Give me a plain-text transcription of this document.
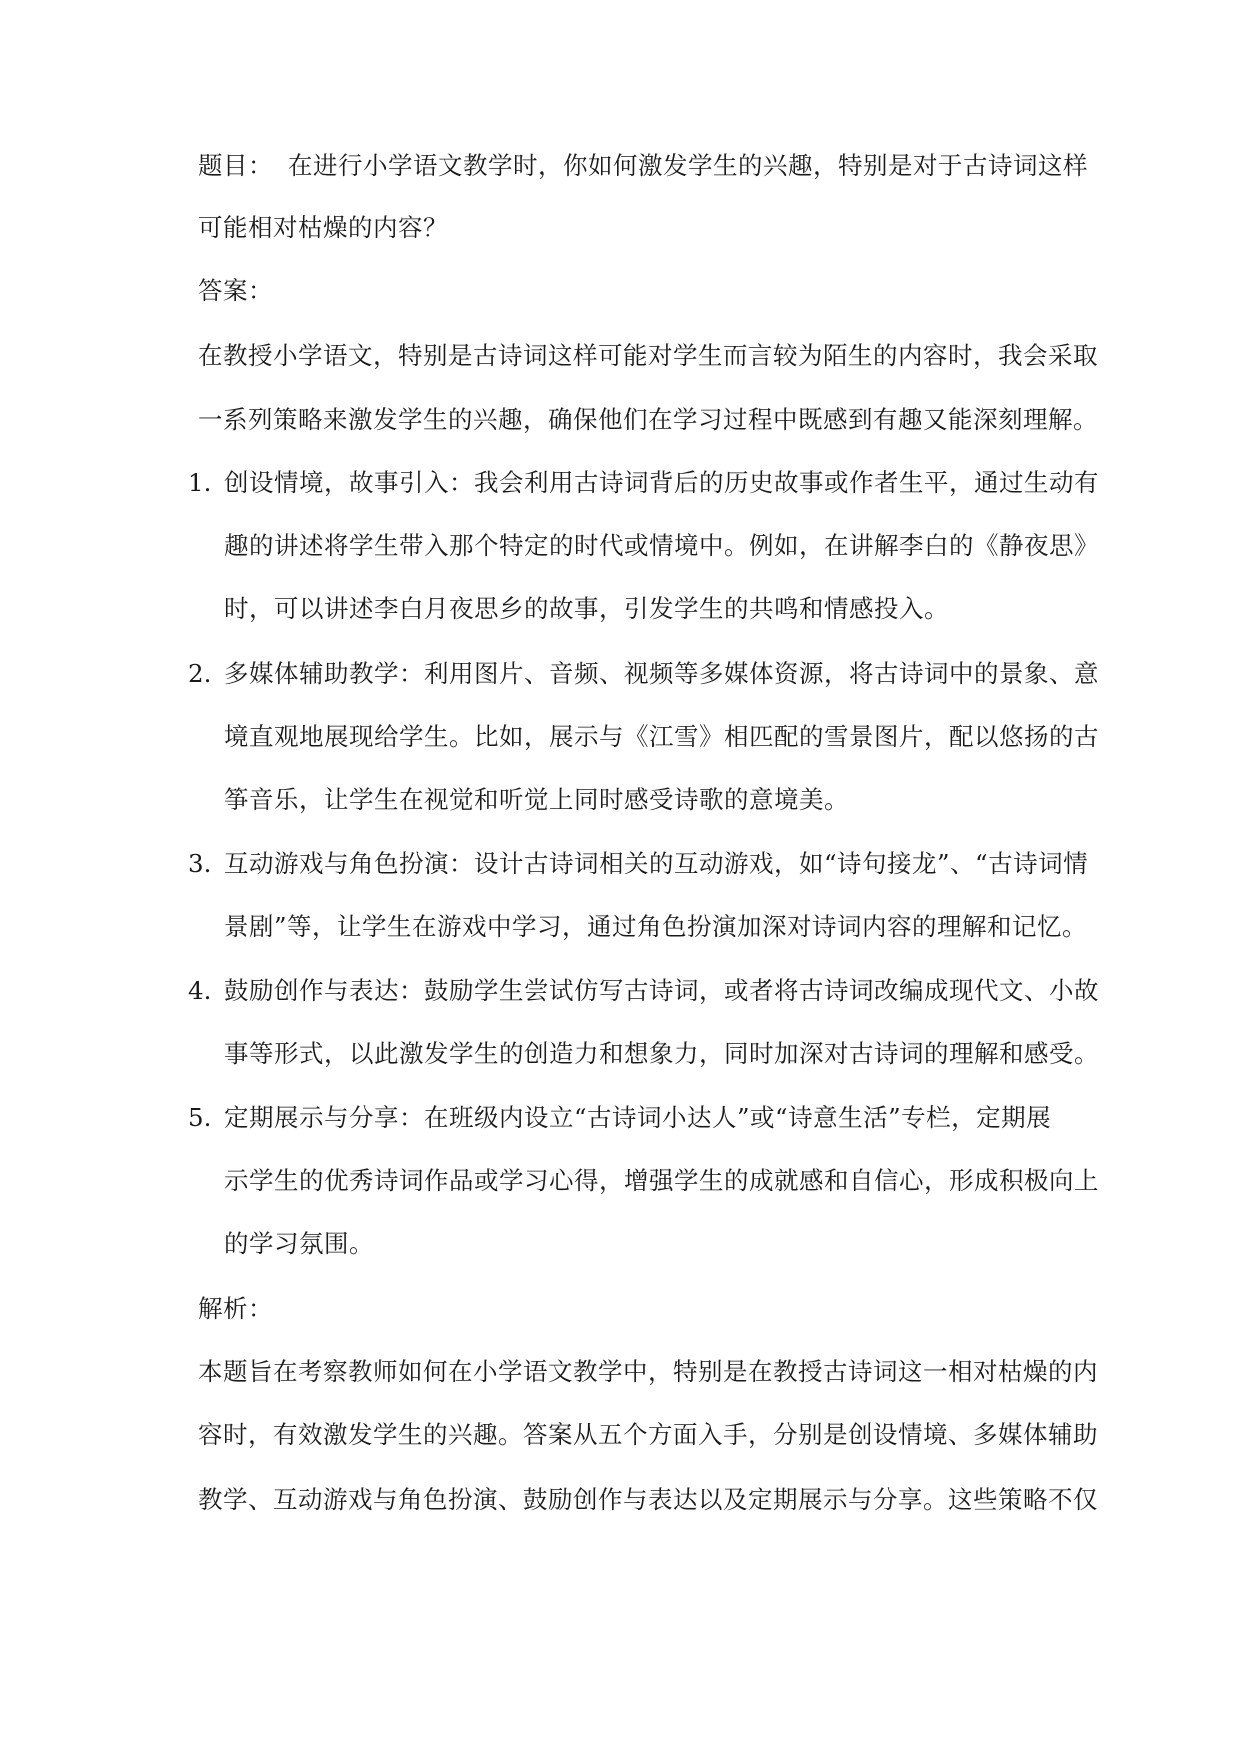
题目： 在进行小学语文教学时，你如何激发学生的兴趣，特别是对于古诗词这样
可能相对枯燥的内容？
答案：
在教授小学语文，特别是古诗词这样可能对学生而言较为陌生的内容时，我会采取
一系列策略来激发学生的兴趣，确保他们在学习过程中既感到有趣又能深刻理解。
1. 创设情境，故事引入：我会利用古诗词背后的历史故事或作者生平，通过生动有
趣的讲述将学生带入那个特定的时代或情境中。例如，在讲解李白的《静夜思》
时，可以讲述李白月夜思乡的故事，引发学生的共鸣和情感投入。
2. 多媒体辅助教学：利用图片、音频、视频等多媒体资源，将古诗词中的景象、意
境直观地展现给学生。比如，展示与《江雪》相匹配的雪景图片，配以悠扬的古
筝音乐，让学生在视觉和听觉上同时感受诗歌的意境美。
3. 互动游戏与角色扮演：设计古诗词相关的互动游戏，如“诗句接龙”、“古诗词情
景剧”等，让学生在游戏中学习，通过角色扮演加深对诗词内容的理解和记忆。
4. 鼓励创作与表达：鼓励学生尝试仿写古诗词，或者将古诗词改编成现代文、小故
事等形式，以此激发学生的创造力和想象力，同时加深对古诗词的理解和感受。
5. 定期展示与分享：在班级内设立“古诗词小达人”或“诗意生活”专栏，定期展
示学生的优秀诗词作品或学习心得，增强学生的成就感和自信心，形成积极向上
的学习氛围。
解析：
本题旨在考察教师如何在小学语文教学中，特别是在教授古诗词这一相对枯燥的内
容时，有效激发学生的兴趣。答案从五个方面入手，分别是创设情境、多媒体辅助
教学、互动游戏与角色扮演、鼓励创作与表达以及定期展示与分享。这些策略不仅
